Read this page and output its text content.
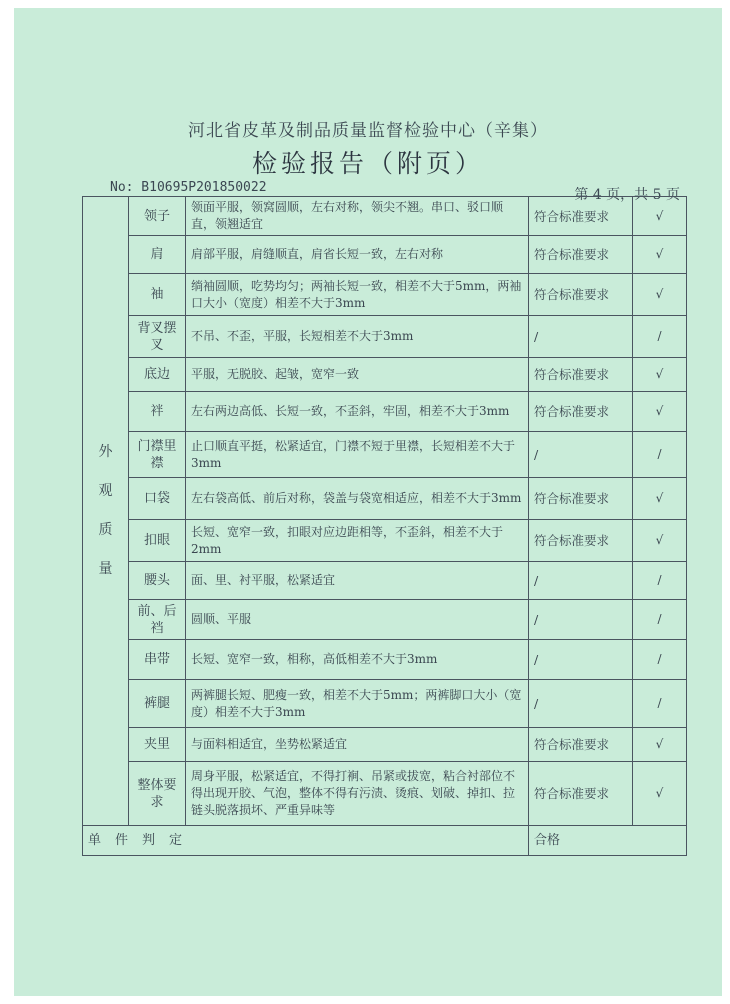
河北省皮革及制品质量监督检验中心（辛集）
检验报告（附页）
No: B10695P201850022	第 4 页，共 5 页
外
观
质
量	领子	领面平服，领窝圆顺，左右对称，领尖不翘。串口、驳口顺直，领翘适宜	符合标准要求	√
	肩	肩部平服，肩缝顺直，肩省长短一致，左右对称	符合标准要求	√
	袖	绱袖圆顺，吃势均匀；两袖长短一致，相差不大于5mm，两袖口大小（宽度）相差不大于3mm	符合标准要求	√
	背叉摆叉	不吊、不歪，平服，长短相差不大于3mm	/	/
	底边	平服，无脱胶、起皱，宽窄一致	符合标准要求	√
	袢	左右两边高低、长短一致，不歪斜，牢固，相差不大于3mm	符合标准要求	√
	门襟里襟	止口顺直平挺，松紧适宜，门襟不短于里襟，长短相差不大于3mm	/	/
	口袋	左右袋高低、前后对称，袋盖与袋宽相适应，相差不大于3mm	符合标准要求	√
	扣眼	长短、宽窄一致，扣眼对应边距相等，不歪斜，相差不大于2mm	符合标准要求	√
	腰头	面、里、衬平服，松紧适宜	/	/
	前、后裆	圆顺、平服	/	/
	串带	长短、宽窄一致，相称，高低相差不大于3mm	/	/
	裤腿	两裤腿长短、肥瘦一致，相差不大于5mm；两裤脚口大小（宽度）相差不大于3mm	/	/
	夹里	与面料相适宜，坐势松紧适宜	符合标准要求	√
	整体要求	周身平服，松紧适宜，不得打裥、吊紧或拔宽，粘合衬部位不得出现开胶、气泡，整体不得有污渍、烫痕、划破、掉扣、拉链头脱落损坏、严重异味等	符合标准要求	√
单件判定			合格	
